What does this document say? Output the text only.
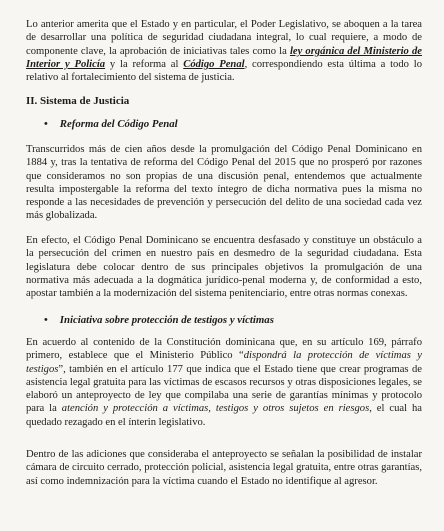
Lo anterior amerita que el Estado y en particular, el Poder Legislativo, se aboquen a la tarea de desarrollar una política de seguridad ciudadana integral, lo cual requiere, a modo de componente clave, la aprobación de iniciativas tales como la ley orgánica del Ministerio de Interior y Policía y la reforma al Código Penal, correspondiendo esta última a todo lo relativo al fortalecimiento del sistema de justicia.

II. Sistema de Justicia
• Reforma del Código Penal

Transcurridos más de cien años desde la promulgación del Código Penal Dominicano en 1884 y, tras la tentativa de reforma del Código Penal del 2015 que no prosperó por razones que consideramos no son propias de una discusión penal, entendemos que actualmente resulta impostergable la reforma del texto íntegro de dicha normativa pues la misma no responde a las necesidades de prevención y persecución del delito de una sociedad cada vez más globalizada.

En efecto, el Código Penal Dominicano se encuentra desfasado y constituye un obstáculo a la persecución del crimen en nuestro país en desmedro de la seguridad ciudadana. Esta legislatura debe colocar dentro de sus principales objetivos la promulgación de una normativa más adecuada a la dogmática jurídico-penal moderna y, de conformidad a esto, apostar también a la modernización del sistema penitenciario, entre otras normas conexas.

• Iniciativa sobre protección de testigos y víctimas

En acuerdo al contenido de la Constitución dominicana que, en su artículo 169, párrafo primero, establece que el Ministerio Público “dispondrá la protección de víctimas y testigos”, también en el artículo 177 que indica que el Estado tiene que crear programas de asistencia legal gratuita para las víctimas de escasos recursos y otras disposiciones legales, se elaboró un anteproyecto de ley que compilaba una serie de garantías mínimas y protocolo para la atención y protección a víctimas, testigos y otros sujetos en riesgos, el cual ha quedado rezagado en el ínterin legislativo.

Dentro de las adiciones que consideraba el anteproyecto se señalan la posibilidad de instalar cámara de circuito cerrado, protección policial, asistencia legal gratuita, entre otras garantías, así como indemnización para la víctima cuando el Estado no identifique al agresor.
